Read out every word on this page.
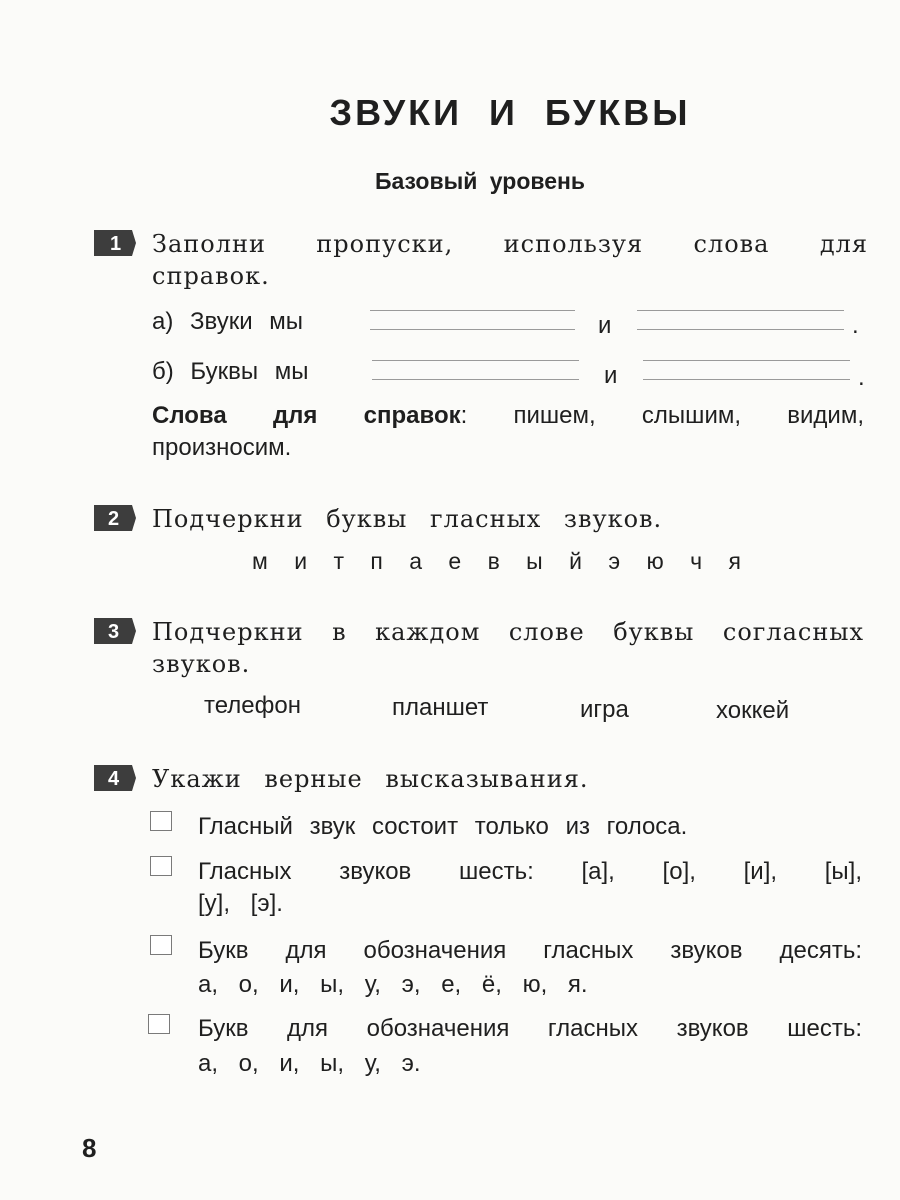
ЗВУКИ И БУКВЫ
Базовый уровень
1 Заполни пропуски, используя слова для
справок.
а) Звуки мы	и	.
б) Буквы мы	и	.
Слова для справок: пишем, слышим, видим,
произносим.
2 Подчеркни буквы гласных звуков.
м и т п а е в ы й э ю ч я
3 Подчеркни в каждом слове буквы согласных
звуков.
телефон	планшет	игра	хоккей
4 Укажи верные высказывания.
Гласный звук состоит только из голоса.
Гласных звуков шесть: [а], [о], [и], [ы],
[у], [э].
Букв для обозначения гласных звуков десять:
а, о, и, ы, у, э, е, ё, ю, я.
Букв для обозначения гласных звуков шесть:
а, о, и, ы, у, э.
8
